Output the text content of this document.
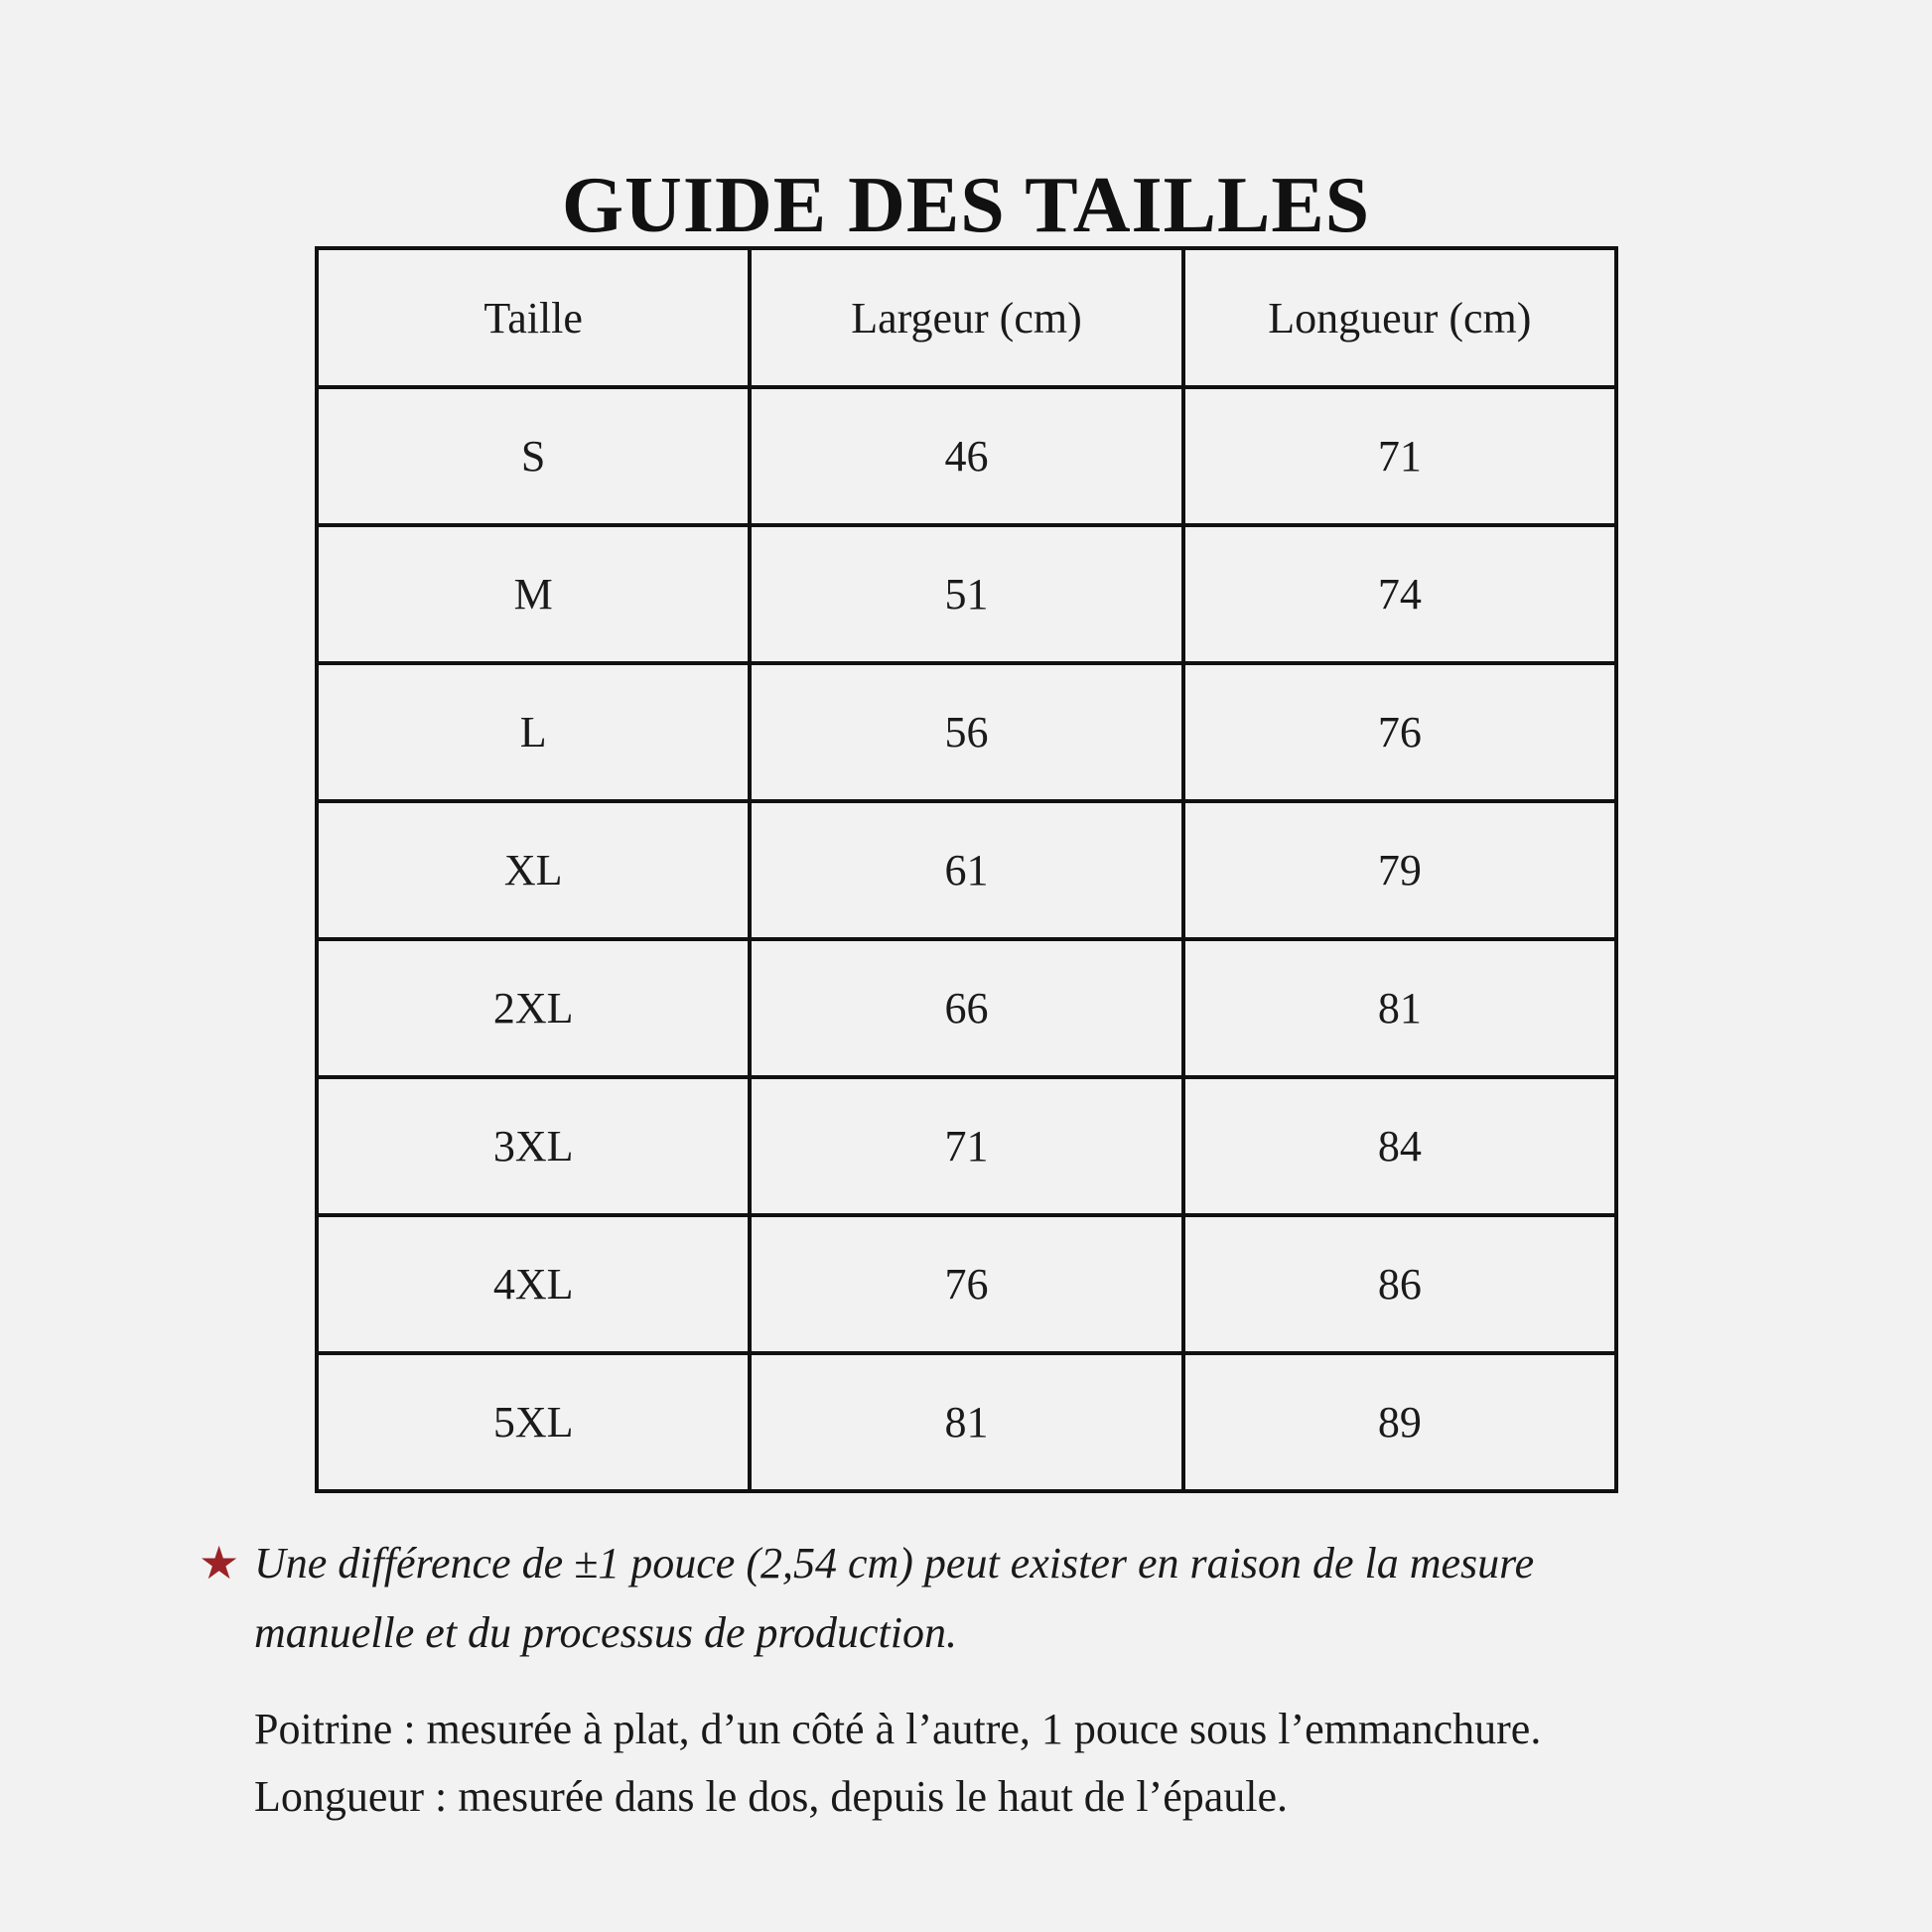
GUIDE DES TAILLES
Taille	Largeur (cm)	Longueur (cm)
S	46	71
M	51	74
L	56	76
XL	61	79
2XL	66	81
3XL	71	84
4XL	76	86
5XL	81	89
★ Une différence de ±1 pouce (2,54 cm) peut exister en raison de la mesure manuelle et du processus de production.
Poitrine : mesurée à plat, d’un côté à l’autre, 1 pouce sous l’emmanchure.
Longueur : mesurée dans le dos, depuis le haut de l’épaule.
